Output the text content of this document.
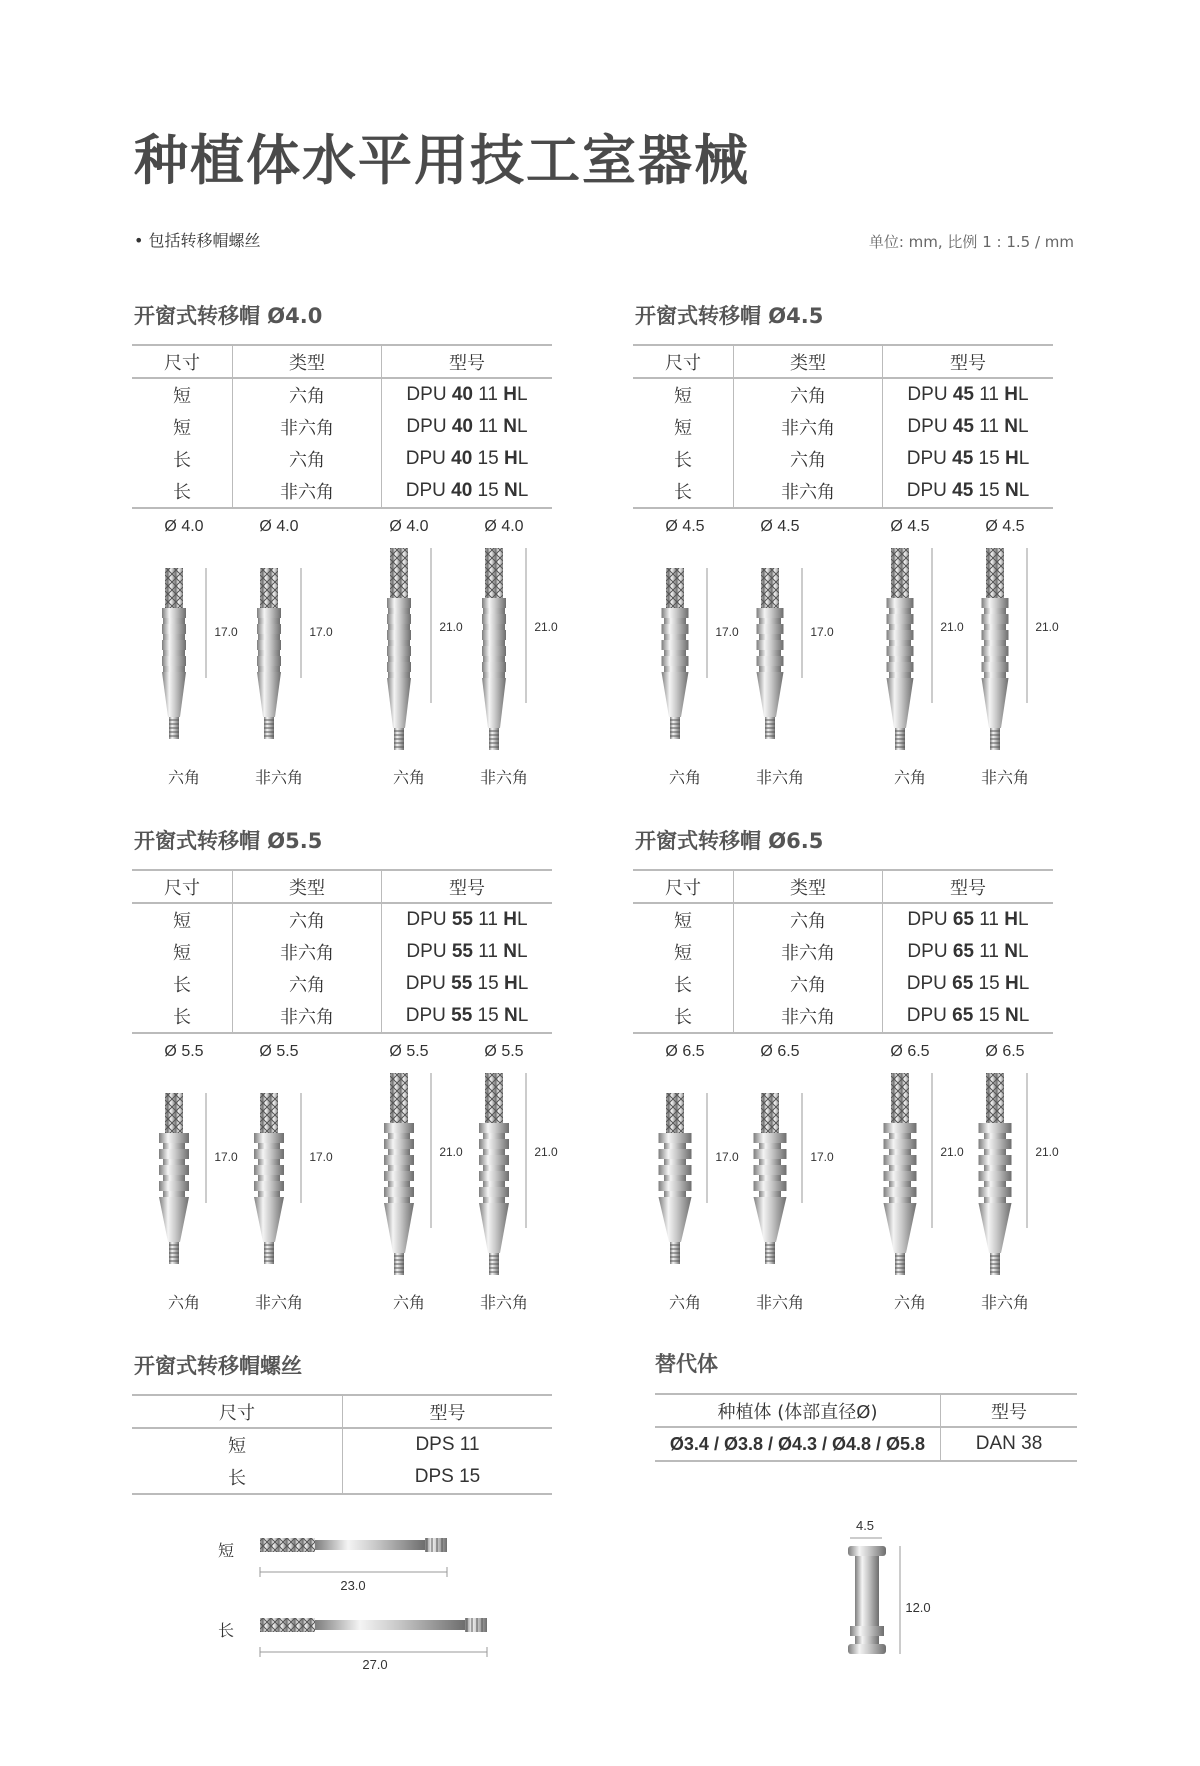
种植体水平用技工室器械
• 包括转移帽螺丝	单位: mm, 比例 1 : 1.5 / mm
开窗式转移帽 Ø4.0
尺寸	类型	型号
短	六角	DPU 40 11 HL
短	非六角	DPU 40 11 NL
长	六角	DPU 40 15 HL
长	非六角	DPU 40 15 NL
Ø 4.0
17.0
六角
Ø 4.0
17.0
非六角
Ø 4.0
21.0
六角
Ø 4.0
21.0
非六角
开窗式转移帽 Ø4.5
尺寸	类型	型号
短	六角	DPU 45 11 HL
短	非六角	DPU 45 11 NL
长	六角	DPU 45 15 HL
长	非六角	DPU 45 15 NL
Ø 4.5
17.0
六角
Ø 4.5
17.0
非六角
Ø 4.5
21.0
六角
Ø 4.5
21.0
非六角
开窗式转移帽 Ø5.5
尺寸	类型	型号
短	六角	DPU 55 11 HL
短	非六角	DPU 55 11 NL
长	六角	DPU 55 15 HL
长	非六角	DPU 55 15 NL
Ø 5.5
17.0
六角
Ø 5.5
17.0
非六角
Ø 5.5
21.0
六角
Ø 5.5
21.0
非六角
开窗式转移帽 Ø6.5
尺寸	类型	型号
短	六角	DPU 65 11 HL
短	非六角	DPU 65 11 NL
长	六角	DPU 65 15 HL
长	非六角	DPU 65 15 NL
Ø 6.5
17.0
六角
Ø 6.5
17.0
非六角
Ø 6.5
21.0
六角
Ø 6.5
21.0
非六角
开窗式转移帽螺丝
尺寸	型号
短	DPS 11
长	DPS 15
短
23.0
长
27.0
替代体
种植体 (体部直径Ø)	型号
Ø3.4 / Ø3.8 / Ø4.3 / Ø4.8 / Ø5.8	DAN 38
4.5
12.0
